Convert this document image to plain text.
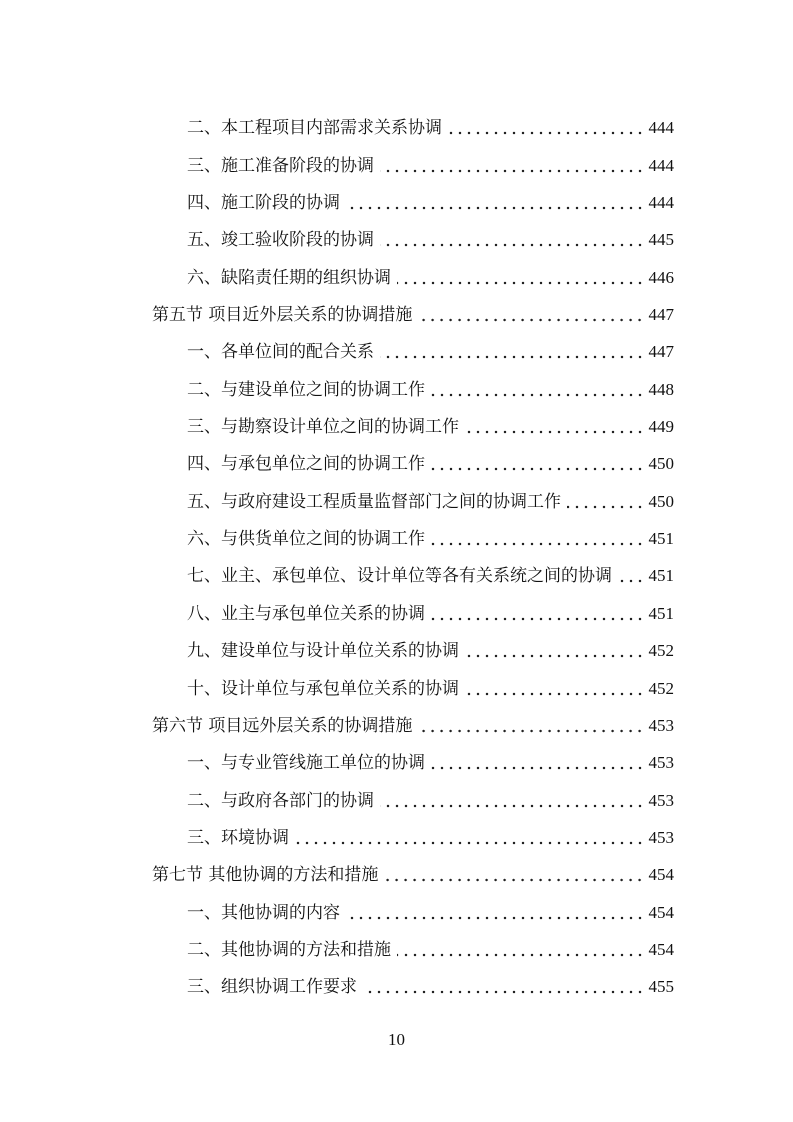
二、本工程项目内部需求关系协调	444
三、施工准备阶段的协调	444
四、施工阶段的协调	444
五、竣工验收阶段的协调	445
六、缺陷责任期的组织协调	446
第五节 项目近外层关系的协调措施	447
一、各单位间的配合关系	447
二、与建设单位之间的协调工作	448
三、与勘察设计单位之间的协调工作	449
四、与承包单位之间的协调工作	450
五、与政府建设工程质量监督部门之间的协调工作	450
六、与供货单位之间的协调工作	451
七、业主、承包单位、设计单位等各有关系统之间的协调 451
八、业主与承包单位关系的协调	451
九、建设单位与设计单位关系的协调	452
十、设计单位与承包单位关系的协调	452
第六节 项目远外层关系的协调措施	453
一、与专业管线施工单位的协调	453
二、与政府各部门的协调	453
三、环境协调	453
第七节 其他协调的方法和措施	454
一、其他协调的内容	454
二、其他协调的方法和措施	454
三、组织协调工作要求	455
10
